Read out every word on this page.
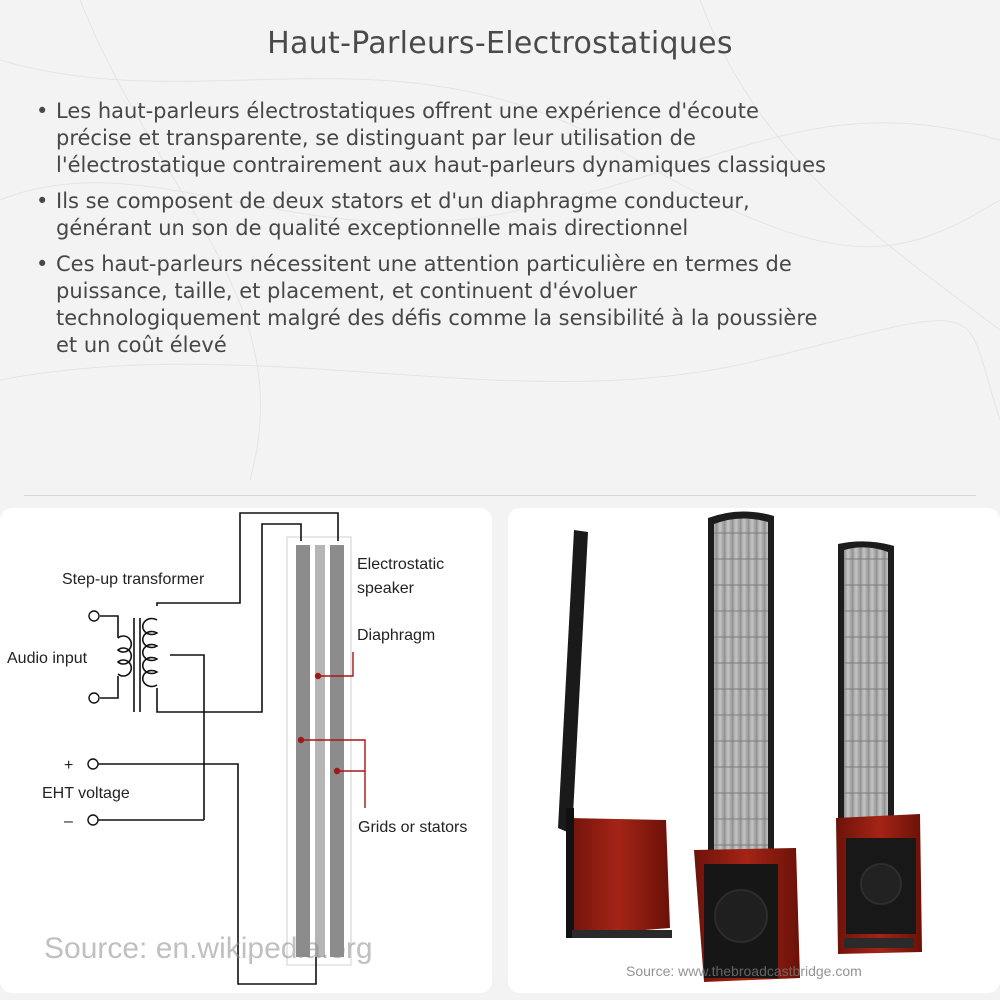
Haut-Parleurs-Electrostatiques
• Les haut-parleurs électrostatiques offrent une expérience d'écoute
précise et transparente, se distinguant par leur utilisation de
l'électrostatique contrairement aux haut-parleurs dynamiques classiques
• Ils se composent de deux stators et d'un diaphragme conducteur,
générant un son de qualité exceptionnelle mais directionnel
• Ces haut-parleurs nécessitent une attention particulière en termes de
puissance, taille, et placement, et continuent d'évoluer
technologiquement malgré des défis comme la sensibilité à la poussière
et un coût élevé
Step-up transformer
Audio input
+
EHT voltage
–
Electrostatic
speaker
Diaphragm
Grids or stators
Source: en.wikipedia.org
Source: www.thebroadcastbridge.com
